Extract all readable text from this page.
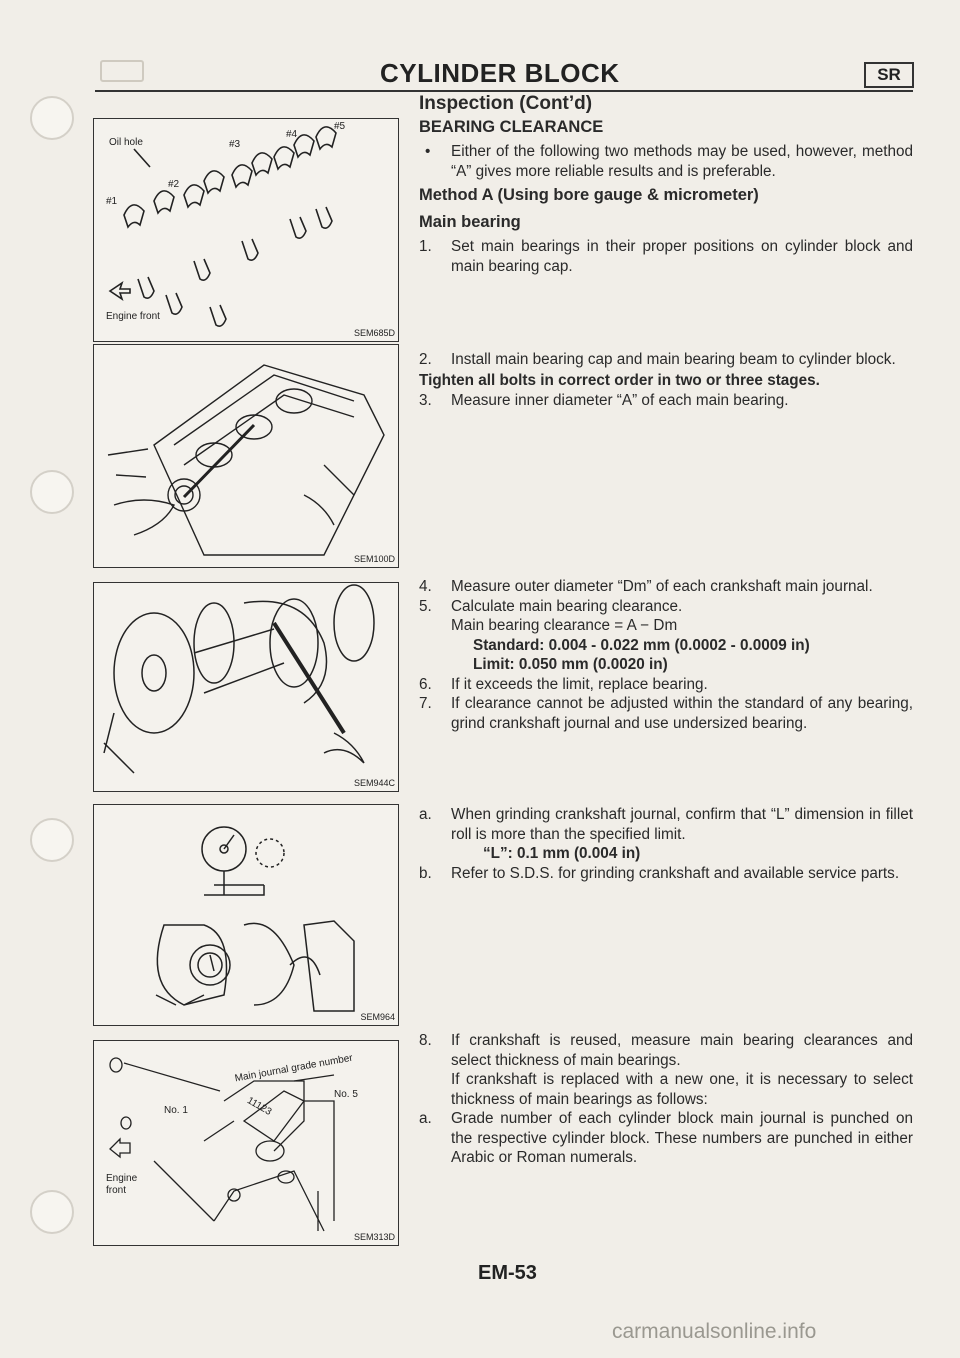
CYLINDER BLOCK	SR
Oil hole
#1
#2
#3
#4
#5
Engine front
SEM685D
SEM100D
SEM944C
SEM964
Main journal grade number
No. 1
No. 5
11123
Engine front
SEM313D
Inspection (Cont’d)
BEARING CLEARANCE
• Either of the following two methods may be used, however, method “A” gives more reliable results and is preferable.
Method A (Using bore gauge & micrometer)
Main bearing
1. Set main bearings in their proper positions on cylinder block and main bearing cap.
2. Install main bearing cap and main bearing beam to cylinder block.
Tighten all bolts in correct order in two or three stages.
3. Measure inner diameter “A” of each main bearing.
4. Measure outer diameter “Dm” of each crankshaft main journal.
5. Calculate main bearing clearance.
Main bearing clearance = A − Dm
Standard: 0.004 - 0.022 mm (0.0002 - 0.0009 in)
Limit: 0.050 mm (0.0020 in)
6. If it exceeds the limit, replace bearing.
7. If clearance cannot be adjusted within the standard of any bearing, grind crankshaft journal and use undersized bearing.
a. When grinding crankshaft journal, confirm that “L” dimension in fillet roll is more than the specified limit.
“L”: 0.1 mm (0.004 in)
b. Refer to S.D.S. for grinding crankshaft and available service parts.
8. If crankshaft is reused, measure main bearing clearances and select thickness of main bearings.
If crankshaft is replaced with a new one, it is necessary to select thickness of main bearings as follows:
a. Grade number of each cylinder block main journal is punched on the respective cylinder block. These numbers are punched in either Arabic or Roman numerals.
EM-53
carmanualsonline.info
